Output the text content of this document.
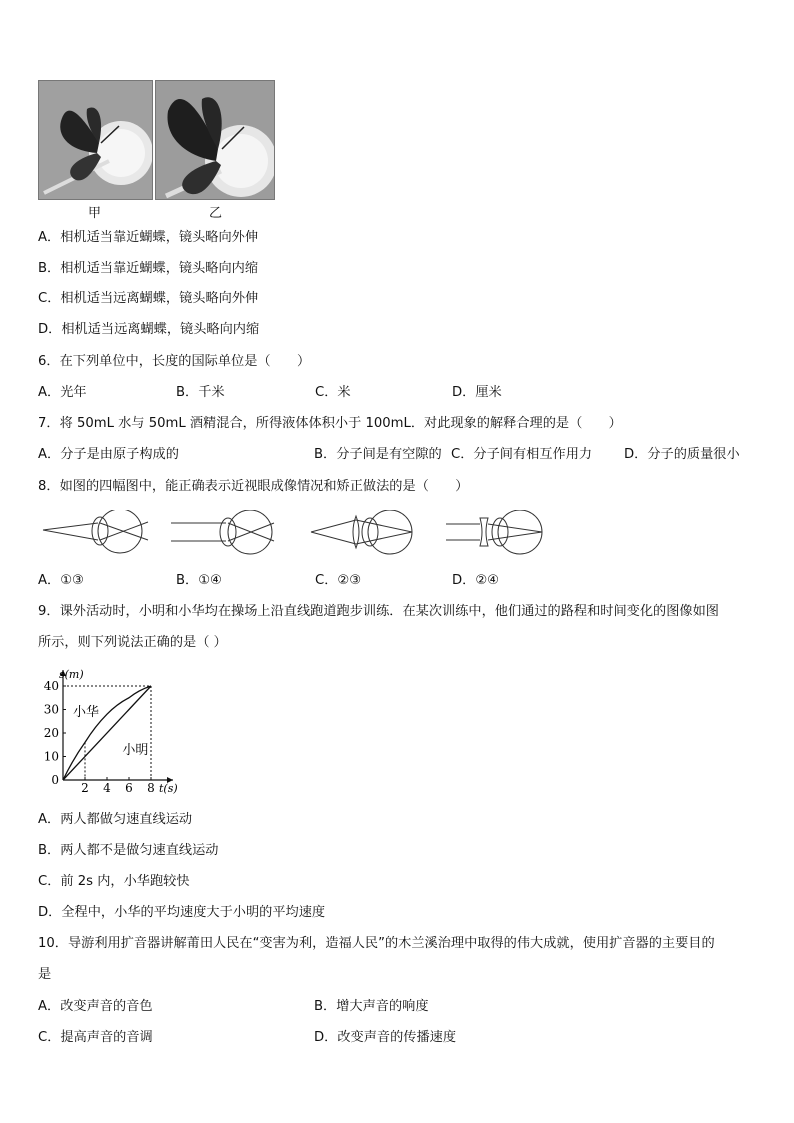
甲	乙
A．相机适当靠近蝴蝶，镜头略向外伸
B．相机适当靠近蝴蝶，镜头略向内缩
C．相机适当远离蝴蝶，镜头略向外伸
D．相机适当远离蝴蝶，镜头略向内缩
6．在下列单位中，长度的国际单位是（　　）
A．光年	B．千米	C．米	D．厘米
7．将 50mL 水与 50mL 酒精混合，所得液体体积小于 100mL．对此现象的解释合理的是（　　）
A．分子是由原子构成的	B．分子间是有空隙的 C．分子间有相互作用力 D．分子的质量很小
8．如图的四幅图中，能正确表示近视眼成像情况和矫正做法的是（　　）
A．①③	B．①④	C．②③	D．②④
9．课外活动时，小明和小华均在操场上沿直线跑道跑步训练．在某次训练中，他们通过的路程和时间变化的图像如图
所示，则下列说法正确的是（ ）
0
10
20
30
40
2 4 6 8
s(m)
t(s)
小华
小明
A．两人都做匀速直线运动
B．两人都不是做匀速直线运动
C．前 2s 内，小华跑较快
D．全程中，小华的平均速度大于小明的平均速度
10．导游利用扩音器讲解莆田人民在“变害为利，造福人民”的木兰溪治理中取得的伟大成就，使用扩音器的主要目的
是
A．改变声音的音色	B．增大声音的响度
C．提高声音的音调	D．改变声音的传播速度
